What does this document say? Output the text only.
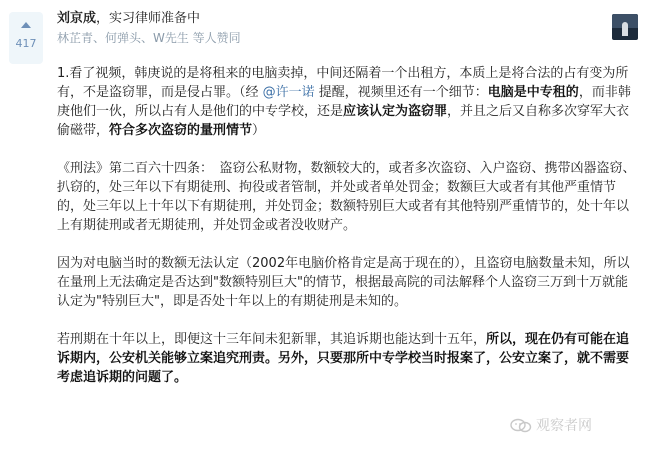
417
刘京成，实习律师准备中
林芷青、何弹头、W先生 等人赞同

1.看了视频，韩庚说的是将租来的电脑卖掉，中间还隔着一个出租方，本质上是将合法的占有变为所有，不是盗窃罪，而是侵占罪。（经 @许一诺 提醒，视频里还有一个细节：电脑是中专租的，而非韩庚他们一伙，所以占有人是他们的中专学校，还是应该认定为盗窃罪，并且之后又自称多次穿军大衣偷磁带，符合多次盗窃的量刑情节）

《刑法》第二百六十四条：　盗窃公私财物，数额较大的，或者多次盗窃、入户盗窃、携带凶器盗窃、扒窃的，处三年以下有期徒刑、拘役或者管制，并处或者单处罚金；数额巨大或者有其他严重情节的，处三年以上十年以下有期徒刑，并处罚金；数额特别巨大或者有其他特别严重情节的，处十年以上有期徒刑或者无期徒刑，并处罚金或者没收财产。

因为对电脑当时的数额无法认定（2002年电脑价格肯定是高于现在的），且盗窃电脑数量未知，所以在量刑上无法确定是否达到"数额特别巨大"的情节，根据最高院的司法解释个人盗窃三万到十万就能认定为"特别巨大"，即是否处十年以上的有期徒刑是未知的。

若刑期在十年以上，即便这十三年间未犯新罪，其追诉期也能达到十五年，所以，现在仍有可能在追诉期内，公安机关能够立案追究刑责。另外，只要那所中专学校当时报案了，公安立案了，就不需要考虑追诉期的问题了。

观察者网
